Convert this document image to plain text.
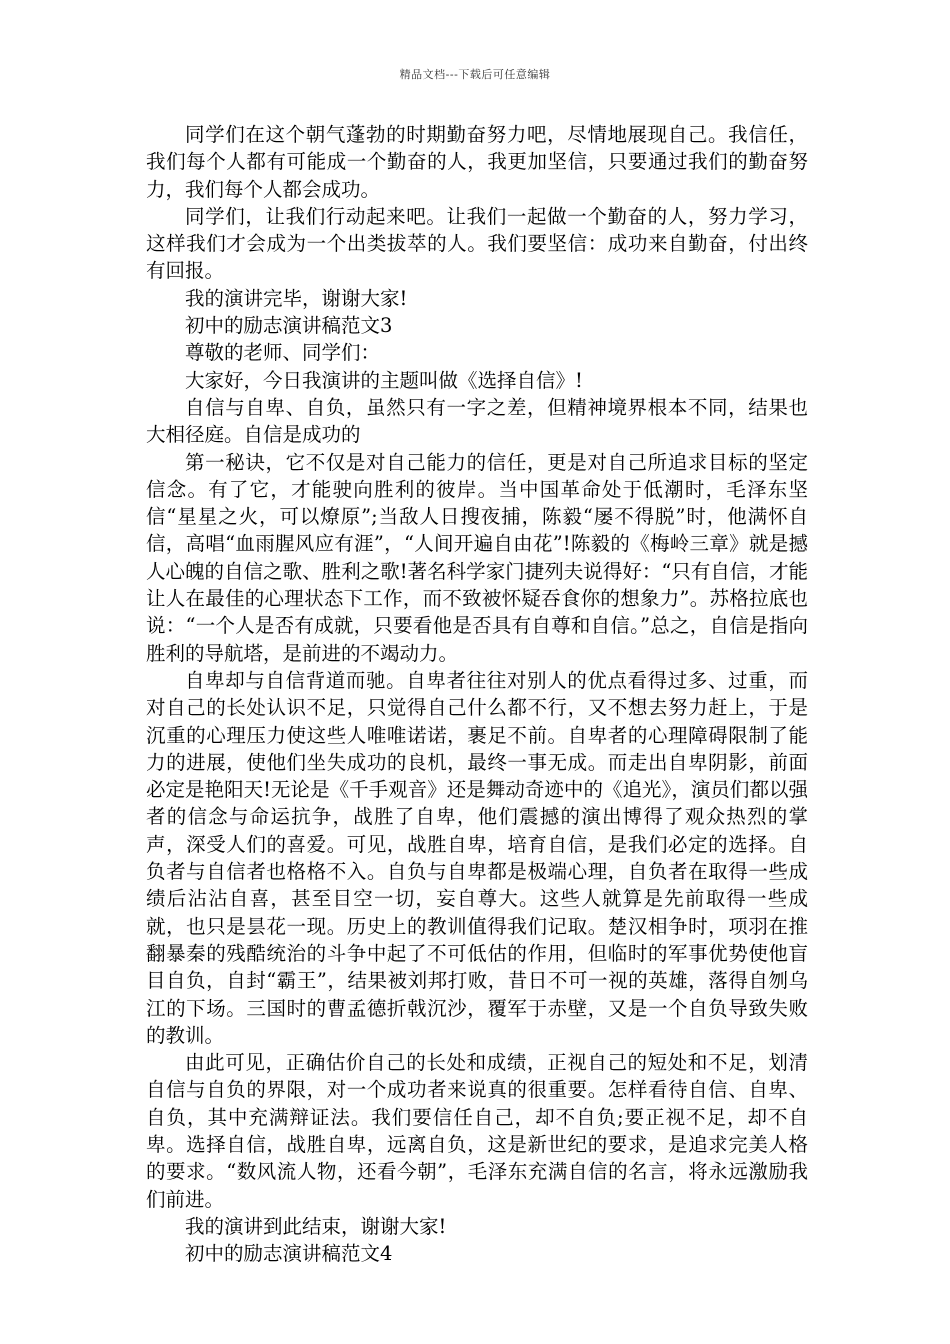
精品文档---下载后可任意编辑

同学们在这个朝气蓬勃的时期勤奋努力吧，尽情地展现自己。我信任，我们每个人都有可能成一个勤奋的人，我更加坚信，只要通过我们的勤奋努力，我们每个人都会成功。

同学们，让我们行动起来吧。让我们一起做一个勤奋的人，努力学习，这样我们才会成为一个出类拔萃的人。我们要坚信：成功来自勤奋，付出终有回报。

我的演讲完毕，谢谢大家!

初中的励志演讲稿范文3

尊敬的老师、同学们：

大家好，今日我演讲的主题叫做《选择自信》!

自信与自卑、自负，虽然只有一字之差，但精神境界根本不同，结果也大相径庭。自信是成功的

第一秘诀，它不仅是对自己能力的信任，更是对自己所追求目标的坚定信念。有了它，才能驶向胜利的彼岸。当中国革命处于低潮时，毛泽东坚信“星星之火，可以燎原”;当敌人日搜夜捕，陈毅“屡不得脱”时，他满怀自信，高唱“血雨腥风应有涯”，“人间开遍自由花”!陈毅的《梅岭三章》就是撼人心魄的自信之歌、胜利之歌!著名科学家门捷列夫说得好：“只有自信，才能让人在最佳的心理状态下工作，而不致被怀疑吞食你的想象力”。苏格拉底也说：“一个人是否有成就，只要看他是否具有自尊和自信。”总之，自信是指向胜利的导航塔，是前进的不竭动力。

自卑却与自信背道而驰。自卑者往往对别人的优点看得过多、过重，而对自己的长处认识不足，只觉得自己什么都不行，又不想去努力赶上，于是沉重的心理压力使这些人唯唯诺诺，裹足不前。自卑者的心理障碍限制了能力的进展，使他们坐失成功的良机，最终一事无成。而走出自卑阴影，前面必定是艳阳天!无论是《千手观音》还是舞动奇迹中的《追光》，演员们都以强者的信念与命运抗争，战胜了自卑，他们震撼的演出博得了观众热烈的掌声，深受人们的喜爱。可见，战胜自卑，培育自信，是我们必定的选择。自负者与自信者也格格不入。自负与自卑都是极端心理，自负者在取得一些成绩后沾沾自喜，甚至目空一切，妄自尊大。这些人就算是先前取得一些成就，也只是昙花一现。历史上的教训值得我们记取。楚汉相争时，项羽在推翻暴秦的残酷统治的斗争中起了不可低估的作用，但临时的军事优势使他盲目自负，自封“霸王”，结果被刘邦打败，昔日不可一视的英雄，落得自刎乌江的下场。三国时的曹孟德折戟沉沙，覆军于赤壁，又是一个自负导致失败的教训。

由此可见，正确估价自己的长处和成绩，正视自己的短处和不足，划清自信与自负的界限，对一个成功者来说真的很重要。怎样看待自信、自卑、自负，其中充满辩证法。我们要信任自己，却不自负;要正视不足，却不自卑。选择自信，战胜自卑，远离自负，这是新世纪的要求，是追求完美人格的要求。“数风流人物，还看今朝”，毛泽东充满自信的名言，将永远激励我们前进。

我的演讲到此结束，谢谢大家!

初中的励志演讲稿范文4
